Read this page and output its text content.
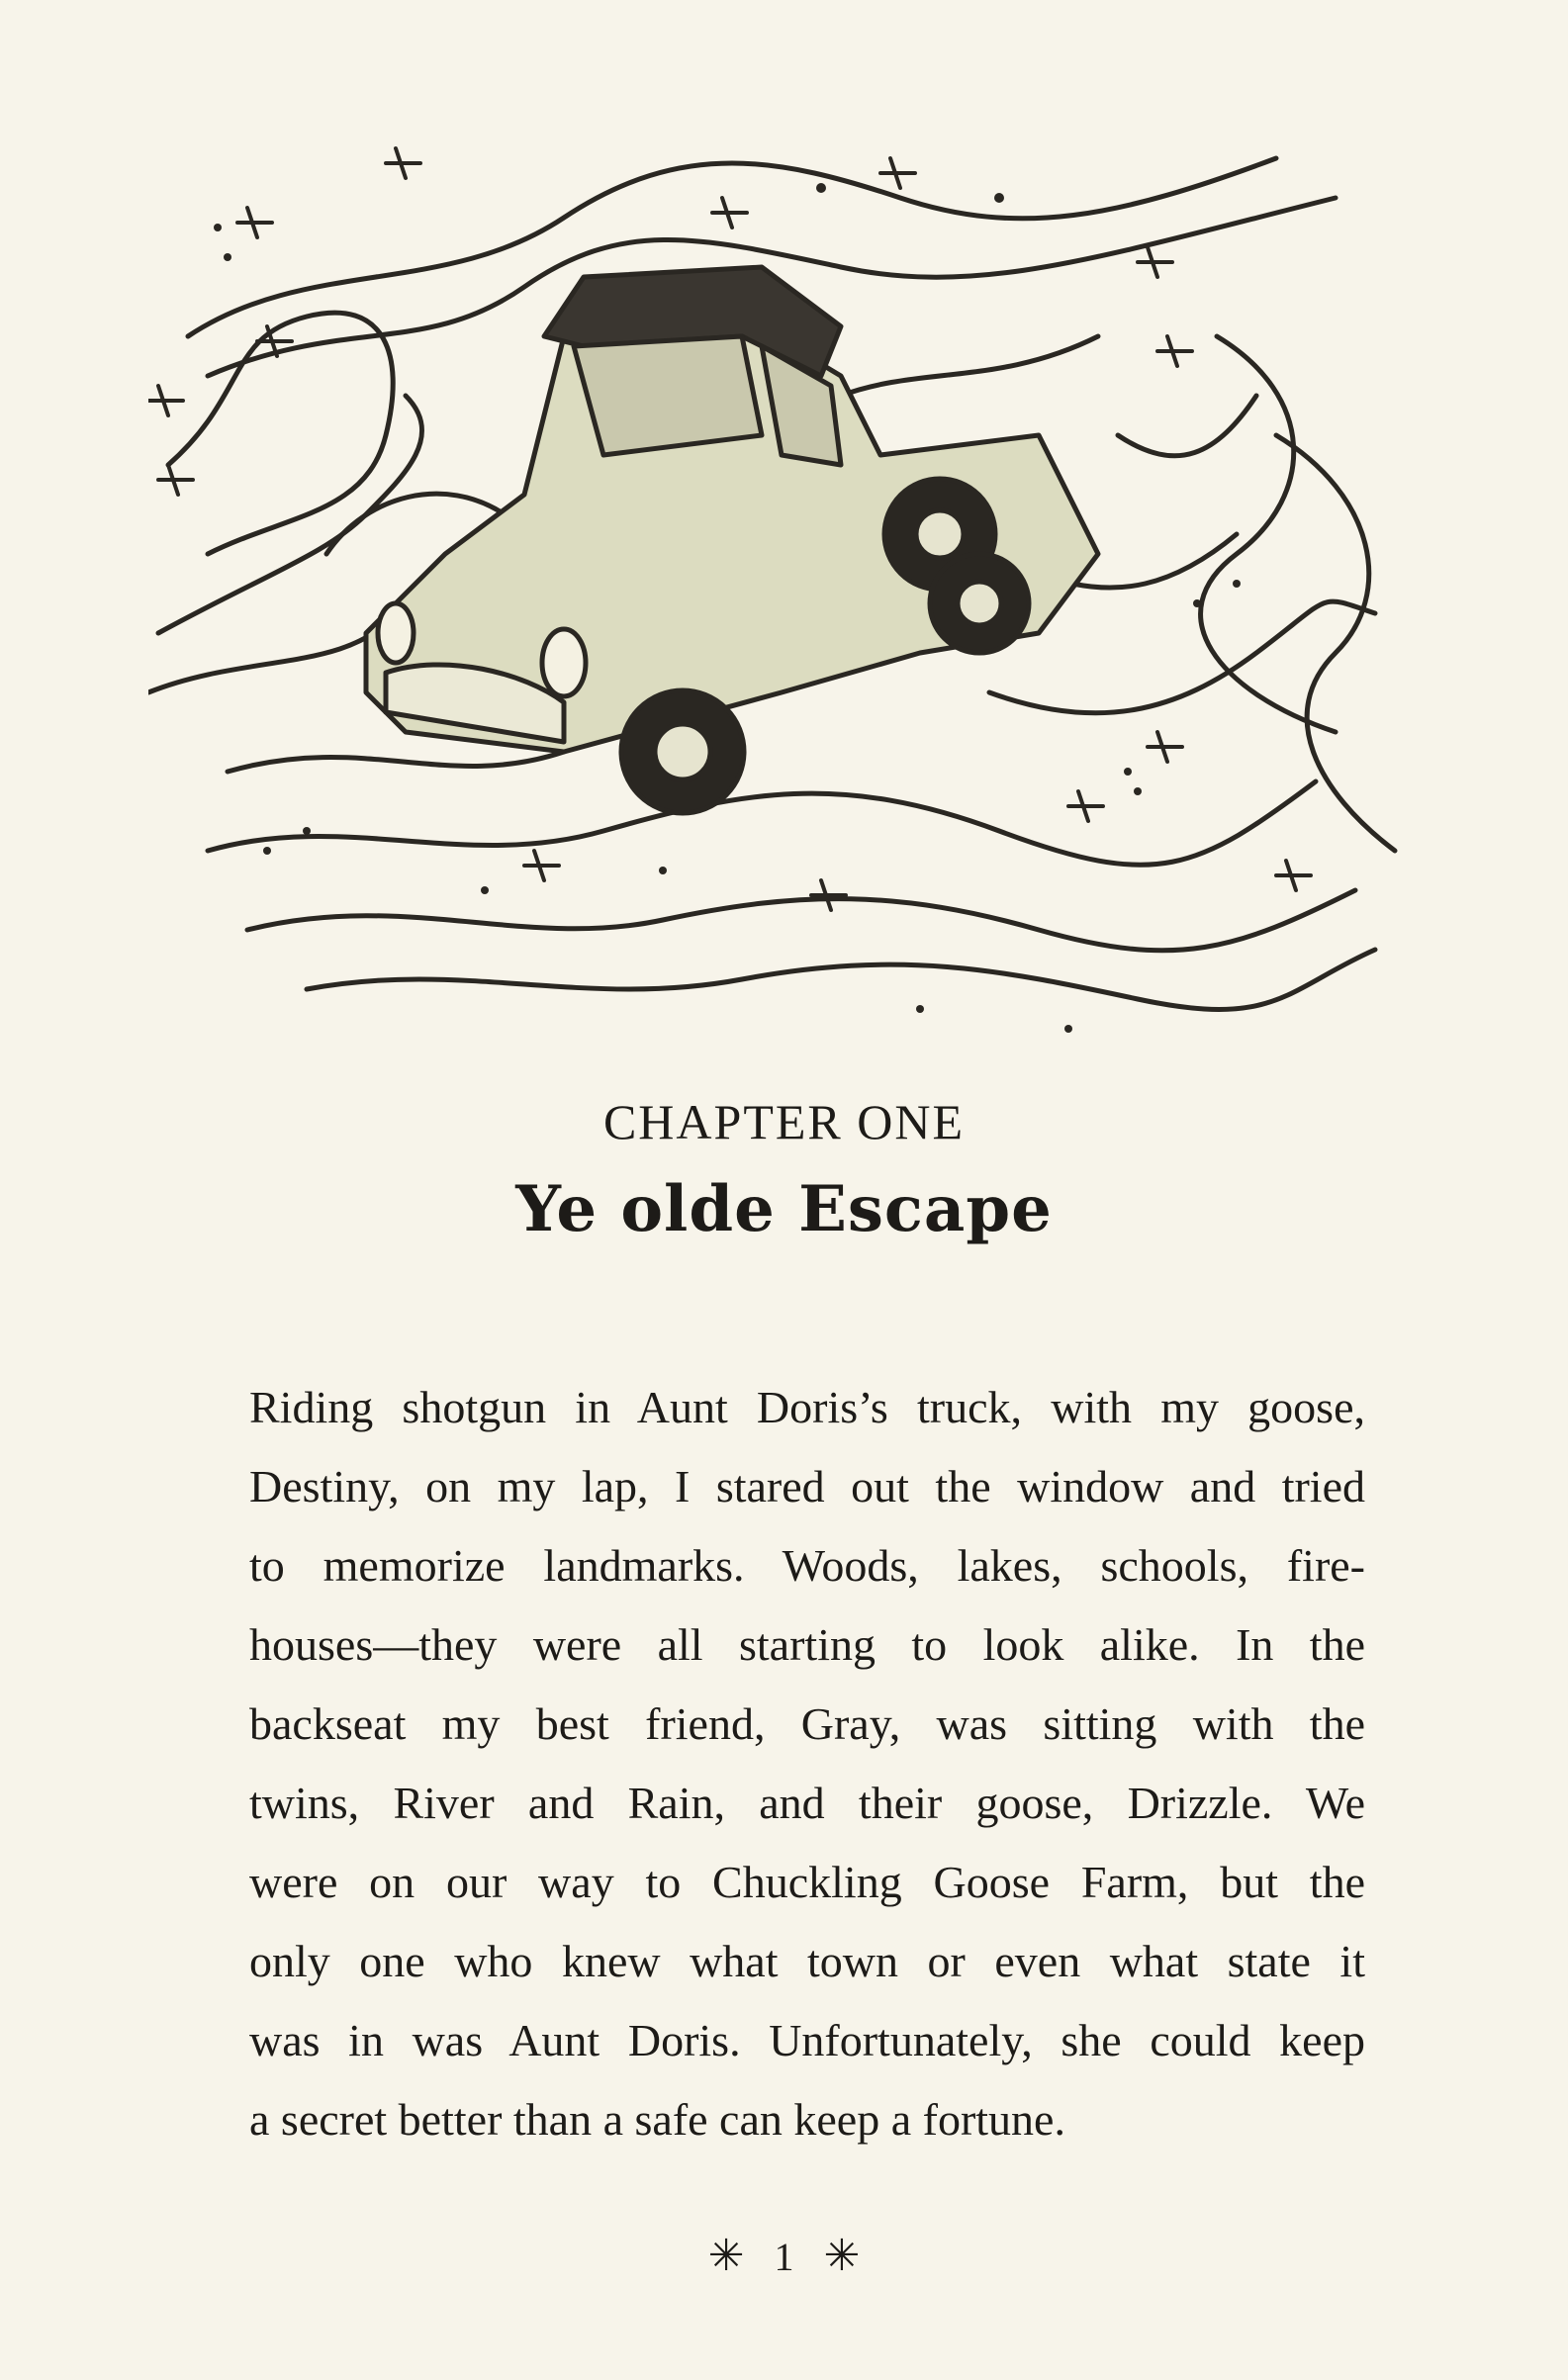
CHAPTER ONE
Ye olde Escape
Riding shotgun in Aunt Doris’s truck, with my goose,
Destiny, on my lap, I stared out the window and tried
to memorize landmarks. Woods, lakes, schools, fire-
houses—they were all starting to look alike. In the
backseat my best friend, Gray, was sitting with the
twins, River and Rain, and their goose, Drizzle. We
were on our way to Chuckling Goose Farm, but the
only one who knew what town or even what state it
was in was Aunt Doris. Unfortunately, she could keep
a secret better than a safe can keep a fortune.
✳ 1 ✳
